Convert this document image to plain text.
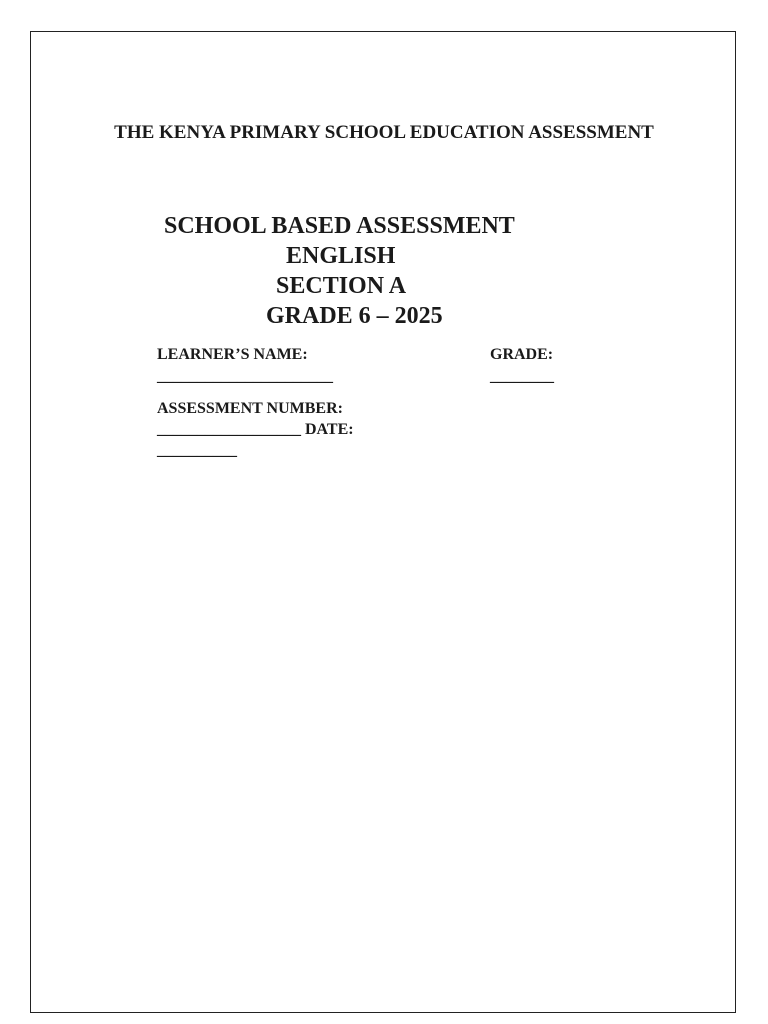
THE KENYA PRIMARY SCHOOL EDUCATION ASSESSMENT
SCHOOL BASED ASSESSMENT
ENGLISH
SECTION A
GRADE 6 – 2025
LEARNER’S NAME:
______________________
GRADE:
________
ASSESSMENT NUMBER:
__________________ DATE:
__________
